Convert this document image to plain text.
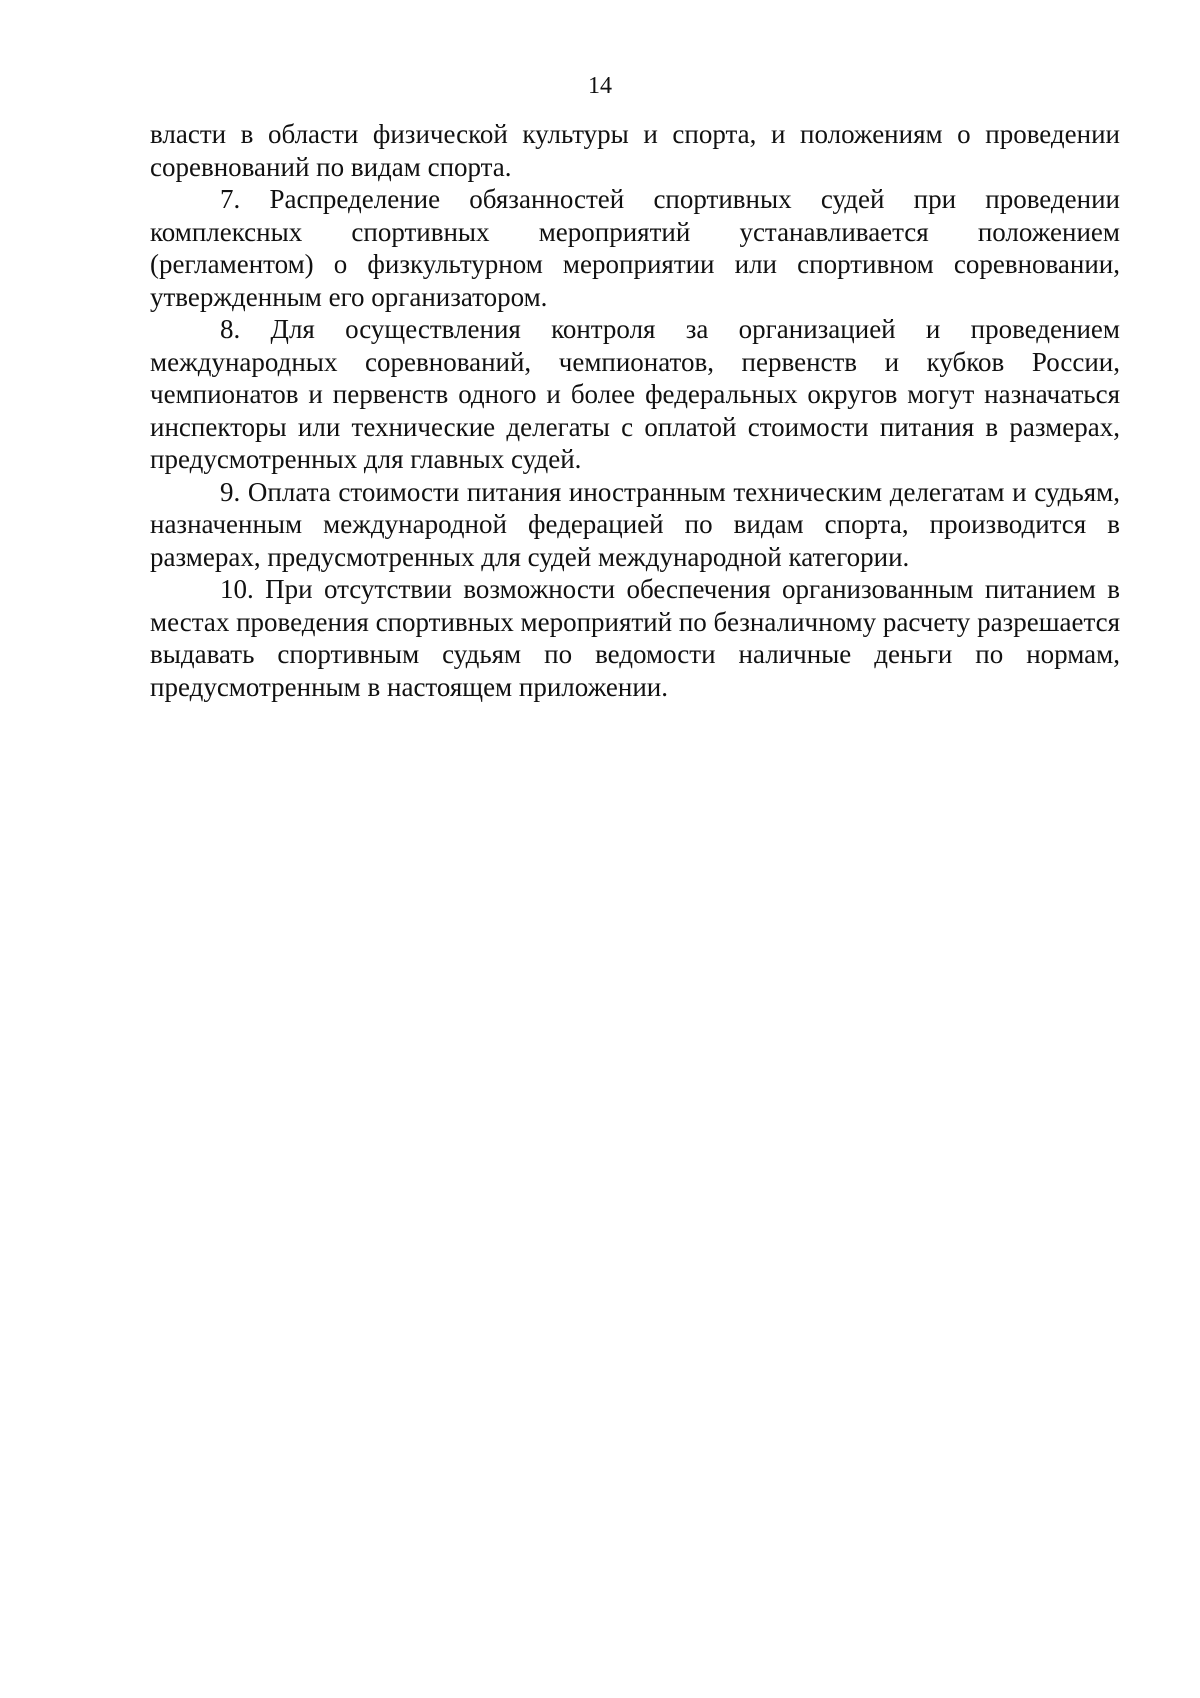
14

власти в области физической культуры и спорта, и положениям о проведении соревнований по видам спорта.

7. Распределение обязанностей спортивных судей при проведении комплексных спортивных мероприятий устанавливается положением (регламентом) о физкультурном мероприятии или спортивном соревновании, утвержденным его организатором.

8. Для осуществления контроля за организацией и проведением международных соревнований, чемпионатов, первенств и кубков России, чемпионатов и первенств одного и более федеральных округов могут назначаться инспекторы или технические делегаты с оплатой стоимости питания в размерах, предусмотренных для главных судей.

9. Оплата стоимости питания иностранным техническим делегатам и судьям, назначенным международной федерацией по видам спорта, производится в размерах, предусмотренных для судей международной категории.

10. При отсутствии возможности обеспечения организованным питанием в местах проведения спортивных мероприятий по безналичному расчету разрешается выдавать спортивным судьям по ведомости наличные деньги по нормам, предусмотренным в настоящем приложении.
